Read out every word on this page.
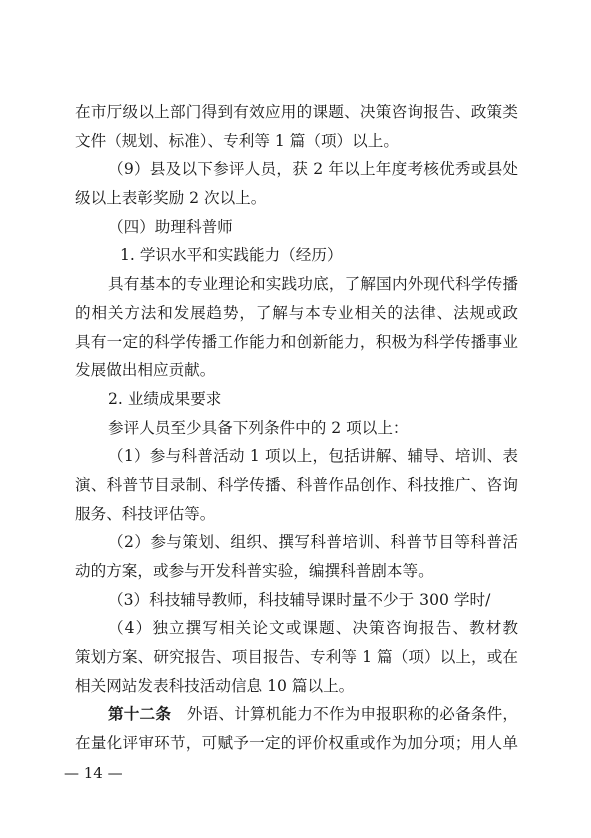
在市厅级以上部门得到有效应用的课题、决策咨询报告、政策类
文件（规划、标准）、专利等 1 篇（项）以上。
（9）县及以下参评人员，获 2 年以上年度考核优秀或县处
级以上表彰奖励 2 次以上。
（四）助理科普师
1. 学识水平和实践能力（经历）
具有基本的专业理论和实践功底，了解国内外现代科学传播
的相关方法和发展趋势，了解与本专业相关的法律、法规或政
具有一定的科学传播工作能力和创新能力，积极为科学传播事业
发展做出相应贡献。
2. 业绩成果要求
参评人员至少具备下列条件中的 2 项以上：
（1）参与科普活动 1 项以上，包括讲解、辅导、培训、表
演、科普节目录制、科学传播、科普作品创作、科技推广、咨询
服务、科技评估等。
（2）参与策划、组织、撰写科普培训、科普节目等科普活
动的方案，或参与开发科普实验，编撰科普剧本等。
（3）科技辅导教师，科技辅导课时量不少于 300 学时/
（4）独立撰写相关论文或课题、决策咨询报告、教材教
策划方案、研究报告、项目报告、专利等 1 篇（项）以上，或在
相关网站发表科技活动信息 10 篇以上。
第十二条　 外语、计算机能力不作为申报职称的必备条件，
在量化评审环节，可赋予一定的评价权重或作为加分项；用人单
— 14 —
